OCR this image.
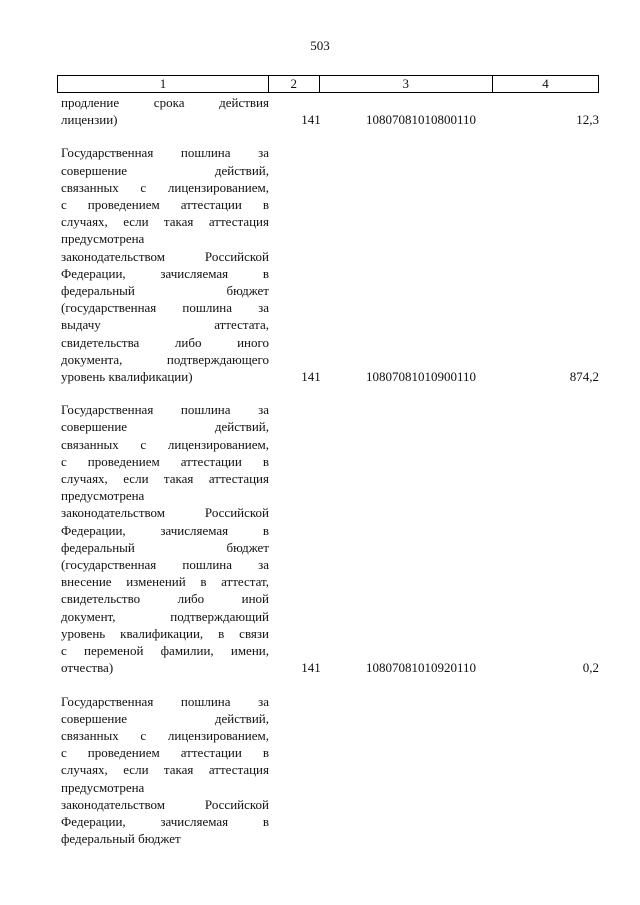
503
1	2	3	4
продление срока действия
лицензии)	141	10807081010800110	12,3
Государственная пошлина за
совершение действий,
связанных с лицензированием,
с проведением аттестации в
случаях, если такая аттестация
предусмотрена
законодательством Российской
Федерации, зачисляемая в
федеральный бюджет
(государственная пошлина за
выдачу аттестата,
свидетельства либо иного
документа, подтверждающего
уровень квалификации)	141	10807081010900110	874,2
Государственная пошлина за
совершение действий,
связанных с лицензированием,
с проведением аттестации в
случаях, если такая аттестация
предусмотрена
законодательством Российской
Федерации, зачисляемая в
федеральный бюджет
(государственная пошлина за
внесение изменений в аттестат,
свидетельство либо иной
документ, подтверждающий
уровень квалификации, в связи
с переменой фамилии, имени,
отчества)	141	10807081010920110	0,2
Государственная пошлина за
совершение действий,
связанных с лицензированием,
с проведением аттестации в
случаях, если такая аттестация
предусмотрена
законодательством Российской
Федерации, зачисляемая в
федеральный бюджет
